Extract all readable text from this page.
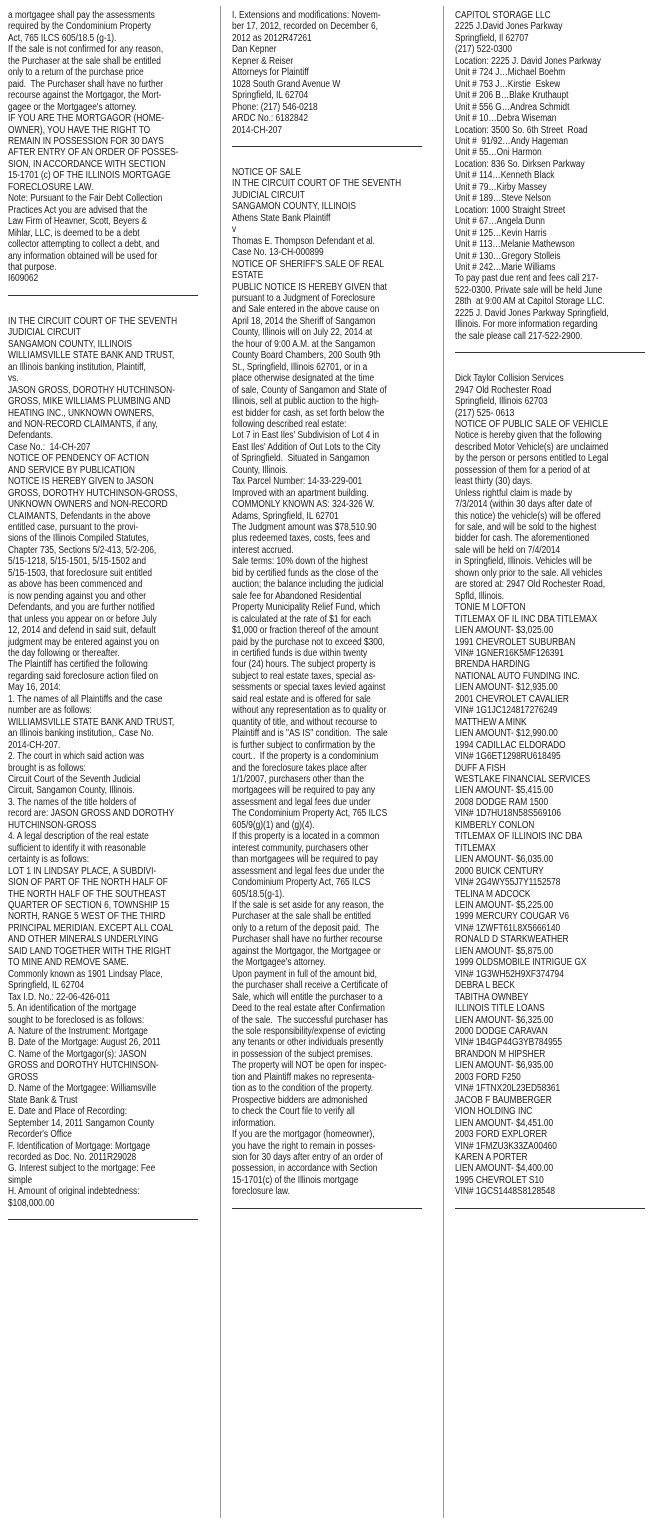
a mortgagee shall pay the assessments

required by the Condominium Property

Act, 765 ILCS 605/18.5 (g-1).

If the sale is not confirmed for any reason,

the Purchaser at the sale shall be entitled

only to a return of the purchase price

paid.  The Purchaser shall have no further

recourse against the Mortgagor, the Mort-

gagee or the Mortgagee's attorney.

IF YOU ARE THE MORTGAGOR (HOME-

OWNER), YOU HAVE THE RIGHT TO

REMAIN IN POSSESSION FOR 30 DAYS

AFTER ENTRY OF AN ORDER OF POSSES-

SION, IN ACCORDANCE WITH SECTION

15-1701 (c) OF THE ILLINOIS MORTGAGE

FORECLOSURE LAW.

Note: Pursuant to the Fair Debt Collection

Practices Act you are advised that the

Law Firm of Heavner, Scott, Beyers &

Mihlar, LLC, is deemed to be a debt

collector attempting to collect a debt, and

any information obtained will be used for

that purpose.

I609062

IN THE CIRCUIT COURT OF THE SEVENTH

JUDICIAL CIRCUIT

SANGAMON COUNTY, ILLINOIS

WILLIAMSVILLE STATE BANK AND TRUST,

an Illinois banking institution, Plaintiff,

vs.

JASON GROSS, DOROTHY HUTCHINSON-

GROSS, MIKE WILLIAMS PLUMBING AND

HEATING INC., UNKNOWN OWNERS,

and NON-RECORD CLAIMANTS, if any,

Defendants.

Case No.:  14-CH-207

NOTICE OF PENDENCY OF ACTION

AND SERVICE BY PUBLICATION

NOTICE IS HEREBY GIVEN to JASON

GROSS, DOROTHY HUTCHINSON-GROSS,

UNKNOWN OWNERS and NON-RECORD

CLAIMANTS, Defendants in the above

entitled case, pursuant to the provi-

sions of the Illinois Compiled Statutes,

Chapter 735, Sections 5/2-413, 5/2-206,

5/15-1218, 5/15-1501, 5/15-1502 and

5/15-1503, that foreclosure suit entitled

as above has been commenced and

is now pending against you and other

Defendants, and you are further notified

that unless you appear on or before July

12, 2014 and defend in said suit, default

judgment may be entered against you on

the day following or thereafter.

The Plaintiff has certified the following

regarding said foreclosure action filed on

May 16, 2014:

1. The names of all Plaintiffs and the case

number are as follows:

WILLIAMSVILLE STATE BANK AND TRUST,

an Illinois banking institution,. Case No.

2014-CH-207.

2. The court in which said action was

brought is as follows:

Circuit Court of the Seventh Judicial

Circuit, Sangamon County, Illinois.

3. The names of the title holders of

record are: JASON GROSS AND DOROTHY

HUTCHINSON-GROSS

4. A legal description of the real estate

sufficient to identify it with reasonable

certainty is as follows:

LOT 1 IN LINDSAY PLACE, A SUBDIVI-

SION OF PART OF THE NORTH HALF OF

THE NORTH HALF OF THE SOUTHEAST

QUARTER OF SECTION 6, TOWNSHIP 15

NORTH, RANGE 5 WEST OF THE THIRD

PRINCIPAL MERIDIAN. EXCEPT ALL COAL

AND OTHER MINERALS UNDERLYING

SAID LAND TOGETHER WITH THE RIGHT

TO MINE AND REMOVE SAME.

Commonly known as 1901 Lindsay Place,

Springfield, IL 62704

Tax I.D. No.: 22-06-426-011

5. An identification of the mortgage

sought to be foreclosed is as follows:

A. Nature of the Instrument: Mortgage

B. Date of the Mortgage: August 26, 2011

C. Name of the Mortgagor(s): JASON

GROSS and DOROTHY HUTCHINSON-

GROSS

D. Name of the Mortgagee: Williamsville

State Bank & Trust

E. Date and Place of Recording:

September 14, 2011 Sangamon County

Recorder's Office

F. Identification of Mortgage: Mortgage

recorded as Doc. No. 2011R29028

G. Interest subject to the mortgage: Fee

simple

H. Amount of original indebtedness:

$108,000.00

I. Extensions and modifications: Novem-

ber 17, 2012, recorded on December 6,

2012 as 2012R47261

Dan Kepner

Kepner & Reiser

Attorneys for Plaintiff

1028 South Grand Avenue W

Springfield, IL 62704

Phone: (217) 546-0218

ARDC No.: 6182842

2014-CH-207

NOTICE OF SALE

IN THE CIRCUIT COURT OF THE SEVENTH

JUDICIAL CIRCUIT

SANGAMON COUNTY, ILLINOIS

Athens State Bank Plaintiff

v

Thomas E. Thompson Defendant et al.

Case No. 13-CH-000899

NOTICE OF SHERIFF'S SALE OF REAL

ESTATE

PUBLIC NOTICE IS HEREBY GIVEN that

pursuant to a Judgment of Foreclosure

and Sale entered in the above cause on

April 18, 2014 the Sheriff of Sangamon

County, Illinois will on July 22, 2014 at

the hour of 9:00 A.M. at the Sangamon

County Board Chambers, 200 South 9th

St., Springfield, Illinois 62701, or in a

place otherwise designated at the time

of sale, County of Sangamon and State of

Illinois, sell at public auction to the high-

est bidder for cash, as set forth below the

following described real estate:

Lot 7 in East Iles' Subdivision of Lot 4 in

East Iles' Addition of Out Lots to the City

of Springfield.  Situated in Sangamon

County, Illinois.

Tax Parcel Number: 14-33-229-001

Improved with an apartment building.

COMMONLY KNOWN AS: 324-326 W.

Adams, Springfield, IL 62701

The Judgment amount was $78,510.90

plus redeemed taxes, costs, fees and

interest accrued.

Sale terms: 10% down of the highest

bid by certified funds as the close of the

auction; the balance including the judicial

sale fee for Abandoned Residential

Property Municipality Relief Fund, which

is calculated at the rate of $1 for each

$1,000 or fraction thereof of the amount

paid by the purchase not to exceed $300,

in certified funds is due within twenty

four (24) hours. The subject property is

subject to real estate taxes, special as-

sessments or special taxes levied against

said real estate and is offered for sale

without any representation as to quality or

quantity of title, and without recourse to

Plaintiff and is "AS IS" condition.  The sale

is further subject to confirmation by the

court..  If the property is a condominium

and the foreclosure takes place after

1/1/2007, purchasers other than the

mortgagees will be required to pay any

assessment and legal fees due under

The Condominium Property Act, 765 ILCS

605/9(g)(1) and (g)(4).

If this property is a located in a common

interest community, purchasers other

than mortgagees will be required to pay

assessment and legal fees due under the

Condominium Property Act, 765 ILCS

605/18.5(g-1).

If the sale is set aside for any reason, the

Purchaser at the sale shall be entitled

only to a return of the deposit paid.  The

Purchaser shall have no further recourse

against the Mortgagor, the Mortgagee or

the Mortgagee's attorney.

Upon payment in full of the amount bid,

the purchaser shall receive a Certificate of

Sale, which will entitle the purchaser to a

Deed to the real estate after Confirmation

of the sale.  The successful purchaser has

the sole responsibility/expense of evicting

any tenants or other individuals presently

in possession of the subject premises.

The property will NOT be open for inspec-

tion and Plaintiff makes no representa-

tion as to the condition of the property.

Prospective bidders are admonished

to check the Court file to verify all

information.

If you are the mortgagor (homeowner),

you have the right to remain in posses-

sion for 30 days after entry of an order of

possession, in accordance with Section

15-1701(c) of the Illinois mortgage

foreclosure law.

CAPITOL STORAGE LLC

2225 J.David Jones Parkway

Springfield, Il 62707

(217) 522-0300

Location: 2225 J. David Jones Parkway

Unit # 724 J…Michael Boehm

Unit # 753 J…Kirstie  Eskew

Unit # 206 B…Blake Kruthaupt

Unit # 556 G…Andrea Schmidt

Unit # 10…Debra Wiseman

Location: 3500 So. 6th Street  Road

Unit #  91/92…Andy Hageman

Unit # 55…Oni Harmon

Location: 836 So. Dirksen Parkway

Unit # 114…Kenneth Black

Unit # 79…Kirby Massey

Unit # 189…Steve Nelson

Location: 1000 Straight Street

Unit # 67…Angela Dunn

Unit # 125…Kevin Harris

Unit # 113…Melanie Mathewson

Unit # 130…Gregory Stolleis

Unit # 242…Marie Williams

To pay past due rent and fees call 217-

522-0300. Private sale will be held June

28th  at 9:00 AM at Capitol Storage LLC.

2225 J. David Jones Parkway Springfield,

Illinois. For more information regarding

the sale please call 217-522-2900.

Dick Taylor Collision Services

2947 Old Rochester Road

Springfield, Illinois 62703

(217) 525- 0613

NOTICE OF PUBLIC SALE OF VEHICLE

Notice is hereby given that the following

described Motor Vehicle(s) are unclaimed

by the person or persons entitled to Legal

possession of them for a period of at

least thirty (30) days.

Unless rightful claim is made by

7/3/2014 (within 30 days after date of

this notice) the vehicle(s) will be offered

for sale, and will be sold to the highest

bidder for cash. The aforementioned

sale will be held on 7/4/2014

in Springfield, Illinois. Vehicles will be

shown only prior to the sale. All vehicles

are stored at: 2947 Old Rochester Road,

Spfld, Illinois.

TONIE M LOFTON

TITLEMAX OF IL INC DBA TITLEMAX

LIEN AMOUNT- $3,025.00

1991 CHEVROLET SUBURBAN

VIN# 1GNER16K5MF126391

BRENDA HARDING

NATIONAL AUTO FUNDING INC.

LIEN AMOUNT- $12,935.00

2001 CHEVROLET CAVALIER

VIN# 1G1JC124817276249

MATTHEW A MINK

LIEN AMOUNT- $12,990.00

1994 CADILLAC ELDORADO

VIN# 1G6ET1298RU618495

DUFF A FISH

WESTLAKE FINANCIAL SERVICES

LIEN AMOUNT- $5,415.00

2008 DODGE RAM 1500

VIN# 1D7HU18N58S569106

KIMBERLY CONLON

TITLEMAX OF ILLINOIS INC DBA

TITLEMAX

LIEN AMOUNT- $6,035.00

2000 BUICK CENTURY

VIN# 2G4WY55J7Y1152578

TELINA M ADCOCK

LEIN AMOUNT- $5,225.00

1999 MERCURY COUGAR V6

VIN# 1ZWFT61L8X5666140

RONALD D STARKWEATHER

LIEN AMOUNT- $5,875.00

1999 OLDSMOBILE INTRIGUE GX

VIN# 1G3WH52H9XF374794

DEBRA L BECK

TABITHA OWNBEY

ILLINOIS TITLE LOANS

LIEN AMOUNT- $6,325.00

2000 DODGE CARAVAN

VIN# 1B4GP44G3YB784955

BRANDON M HIPSHER

LIEN AMOUNT- $6,935.00

2003 FORD F250

VIN# 1FTNX20L23ED58361

JACOB F BAUMBERGER

VION HOLDING INC

LIEN AMOUNT- $4,451.00

2003 FORD EXPLORER

VIN# 1FMZU3K33ZA00460

KAREN A PORTER

LIEN AMOUNT- $4,400.00

1995 CHEVROLET S10

VIN# 1GCS1448S8128548
